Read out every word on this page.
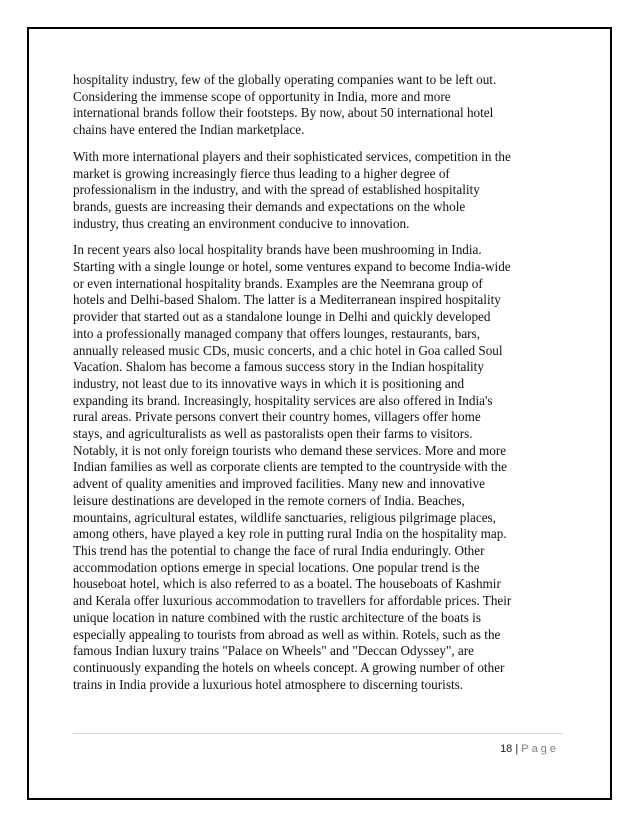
hospitality industry, few of the globally operating companies want to be left out.
Considering the immense scope of opportunity in India, more and more
international brands follow their footsteps. By now, about 50 international hotel
chains have entered the Indian marketplace.
With more international players and their sophisticated services, competition in the
market is growing increasingly fierce thus leading to a higher degree of
professionalism in the industry, and with the spread of established hospitality
brands, guests are increasing their demands and expectations on the whole
industry, thus creating an environment conducive to innovation.
In recent years also local hospitality brands have been mushrooming in India.
Starting with a single lounge or hotel, some ventures expand to become India-wide
or even international hospitality brands. Examples are the Neemrana group of
hotels and Delhi-based Shalom. The latter is a Mediterranean inspired hospitality
provider that started out as a standalone lounge in Delhi and quickly developed
into a professionally managed company that offers lounges, restaurants, bars,
annually released music CDs, music concerts, and a chic hotel in Goa called Soul
Vacation. Shalom has become a famous success story in the Indian hospitality
industry, not least due to its innovative ways in which it is positioning and
expanding its brand. Increasingly, hospitality services are also offered in India's
rural areas. Private persons convert their country homes, villagers offer home
stays, and agriculturalists as well as pastoralists open their farms to visitors.
Notably, it is not only foreign tourists who demand these services. More and more
Indian families as well as corporate clients are tempted to the countryside with the
advent of quality amenities and improved facilities. Many new and innovative
leisure destinations are developed in the remote corners of India. Beaches,
mountains, agricultural estates, wildlife sanctuaries, religious pilgrimage places,
among others, have played a key role in putting rural India on the hospitality map.
This trend has the potential to change the face of rural India enduringly. Other
accommodation options emerge in special locations. One popular trend is the
houseboat hotel, which is also referred to as a boatel. The houseboats of Kashmir
and Kerala offer luxurious accommodation to travellers for affordable prices. Their
unique location in nature combined with the rustic architecture of the boats is
especially appealing to tourists from abroad as well as within. Rotels, such as the
famous Indian luxury trains "Palace on Wheels" and "Deccan Odyssey", are
continuously expanding the hotels on wheels concept. A growing number of other
trains in India provide a luxurious hotel atmosphere to discerning tourists.
18 | Page
